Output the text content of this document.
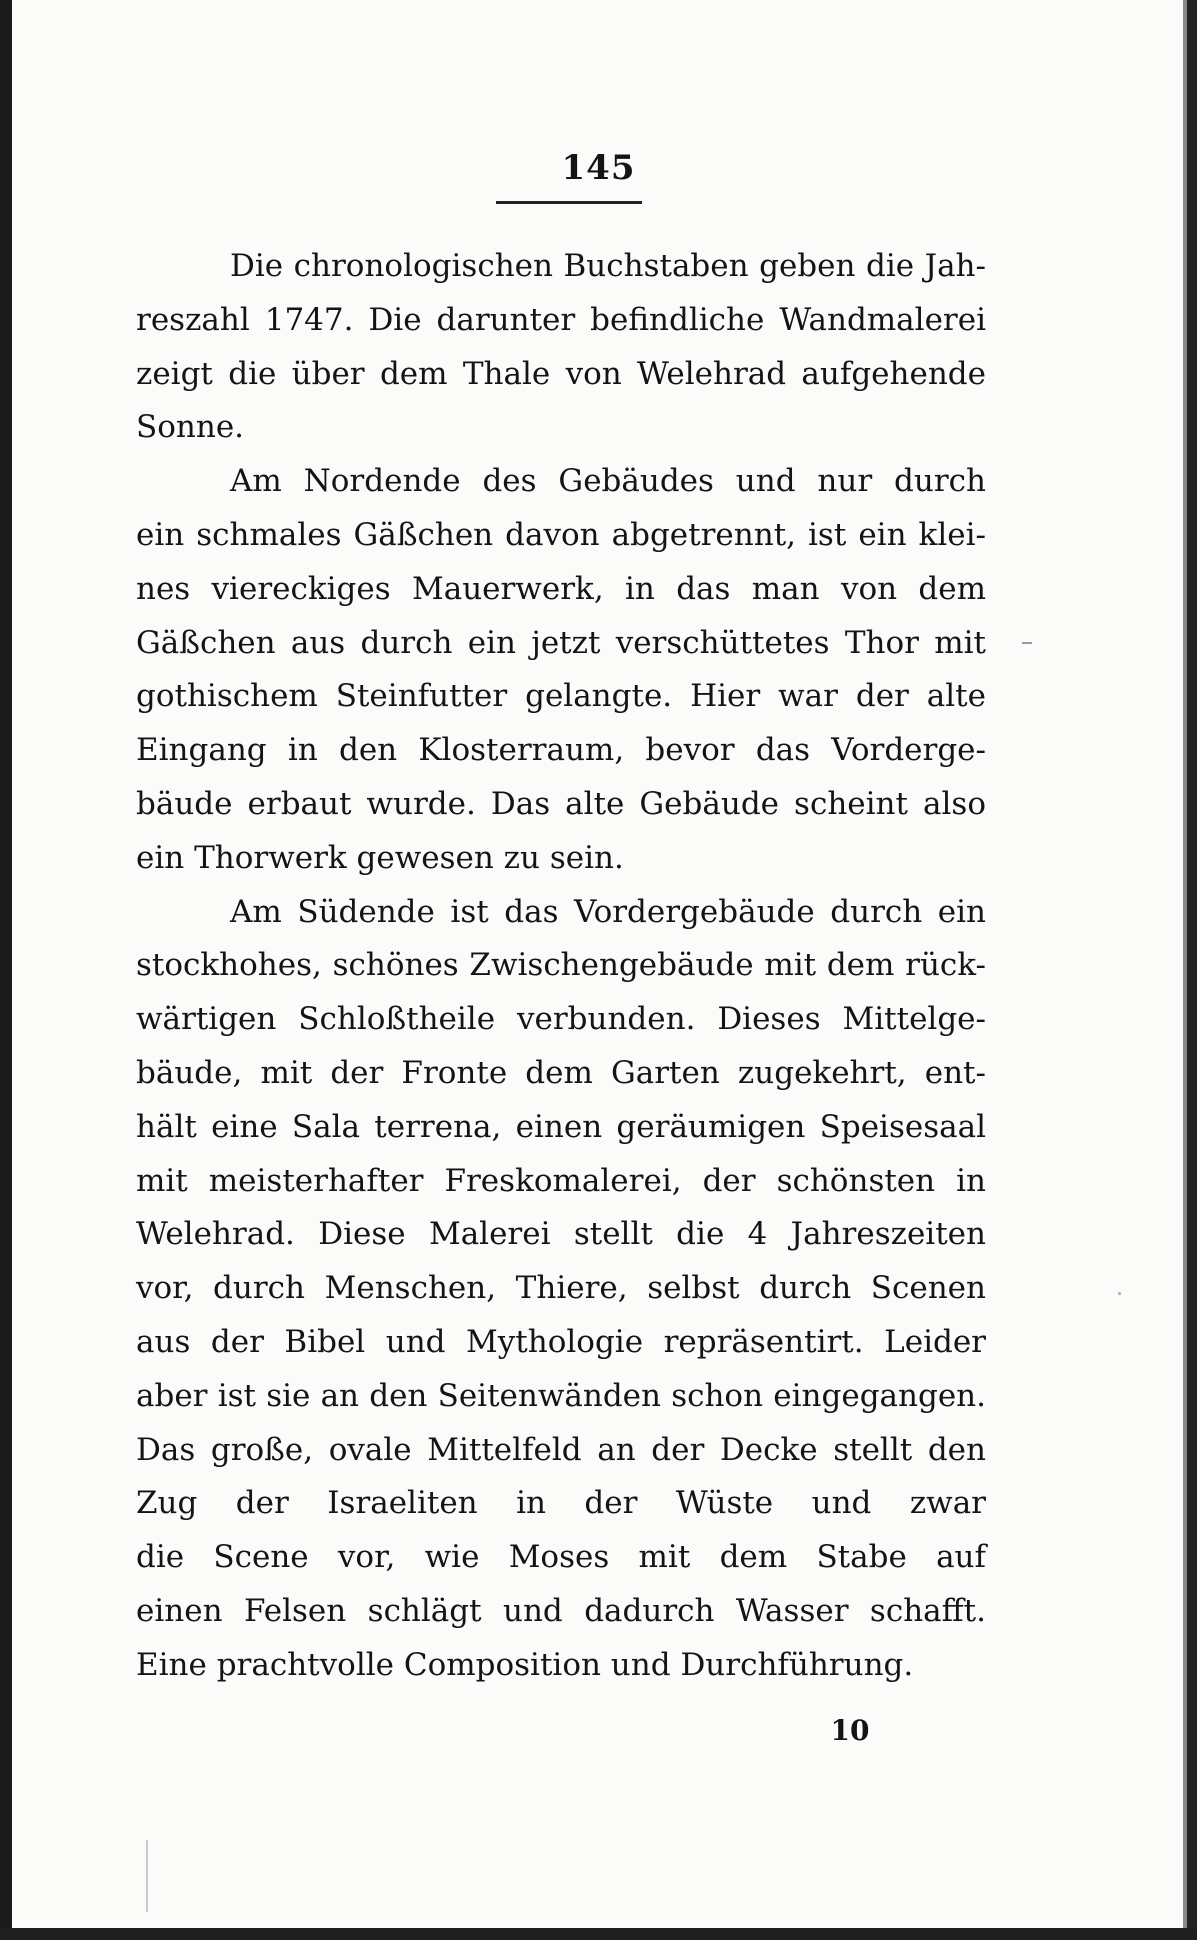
145
Die chronologischen Buchstaben geben die Jah-
reszahl 1747. Die darunter befindliche Wandmalerei
zeigt die über dem Thale von Welehrad aufgehende
Sonne.
Am Nordende des Gebäudes und nur durch
ein schmales Gäßchen davon abgetrennt, ist ein klei-
nes viereckiges Mauerwerk, in das man von dem
Gäßchen aus durch ein jetzt verschüttetes Thor mit
gothischem Steinfutter gelangte. Hier war der alte
Eingang in den Klosterraum, bevor das Vorderge-
bäude erbaut wurde. Das alte Gebäude scheint also
ein Thorwerk gewesen zu sein.
Am Südende ist das Vordergebäude durch ein
stockhohes, schönes Zwischengebäude mit dem rück-
wärtigen Schloßtheile verbunden. Dieses Mittelge-
bäude, mit der Fronte dem Garten zugekehrt, ent-
hält eine Sala terrena, einen geräumigen Speisesaal
mit meisterhafter Freskomalerei, der schönsten in
Welehrad. Diese Malerei stellt die 4 Jahreszeiten
vor, durch Menschen, Thiere, selbst durch Scenen
aus der Bibel und Mythologie repräsentirt. Leider
aber ist sie an den Seitenwänden schon eingegangen.
Das große, ovale Mittelfeld an der Decke stellt den
Zug der Israeliten in der Wüste und zwar
die Scene vor, wie Moses mit dem Stabe auf
einen Felsen schlägt und dadurch Wasser schafft.
Eine prachtvolle Composition und Durchführung.
10
